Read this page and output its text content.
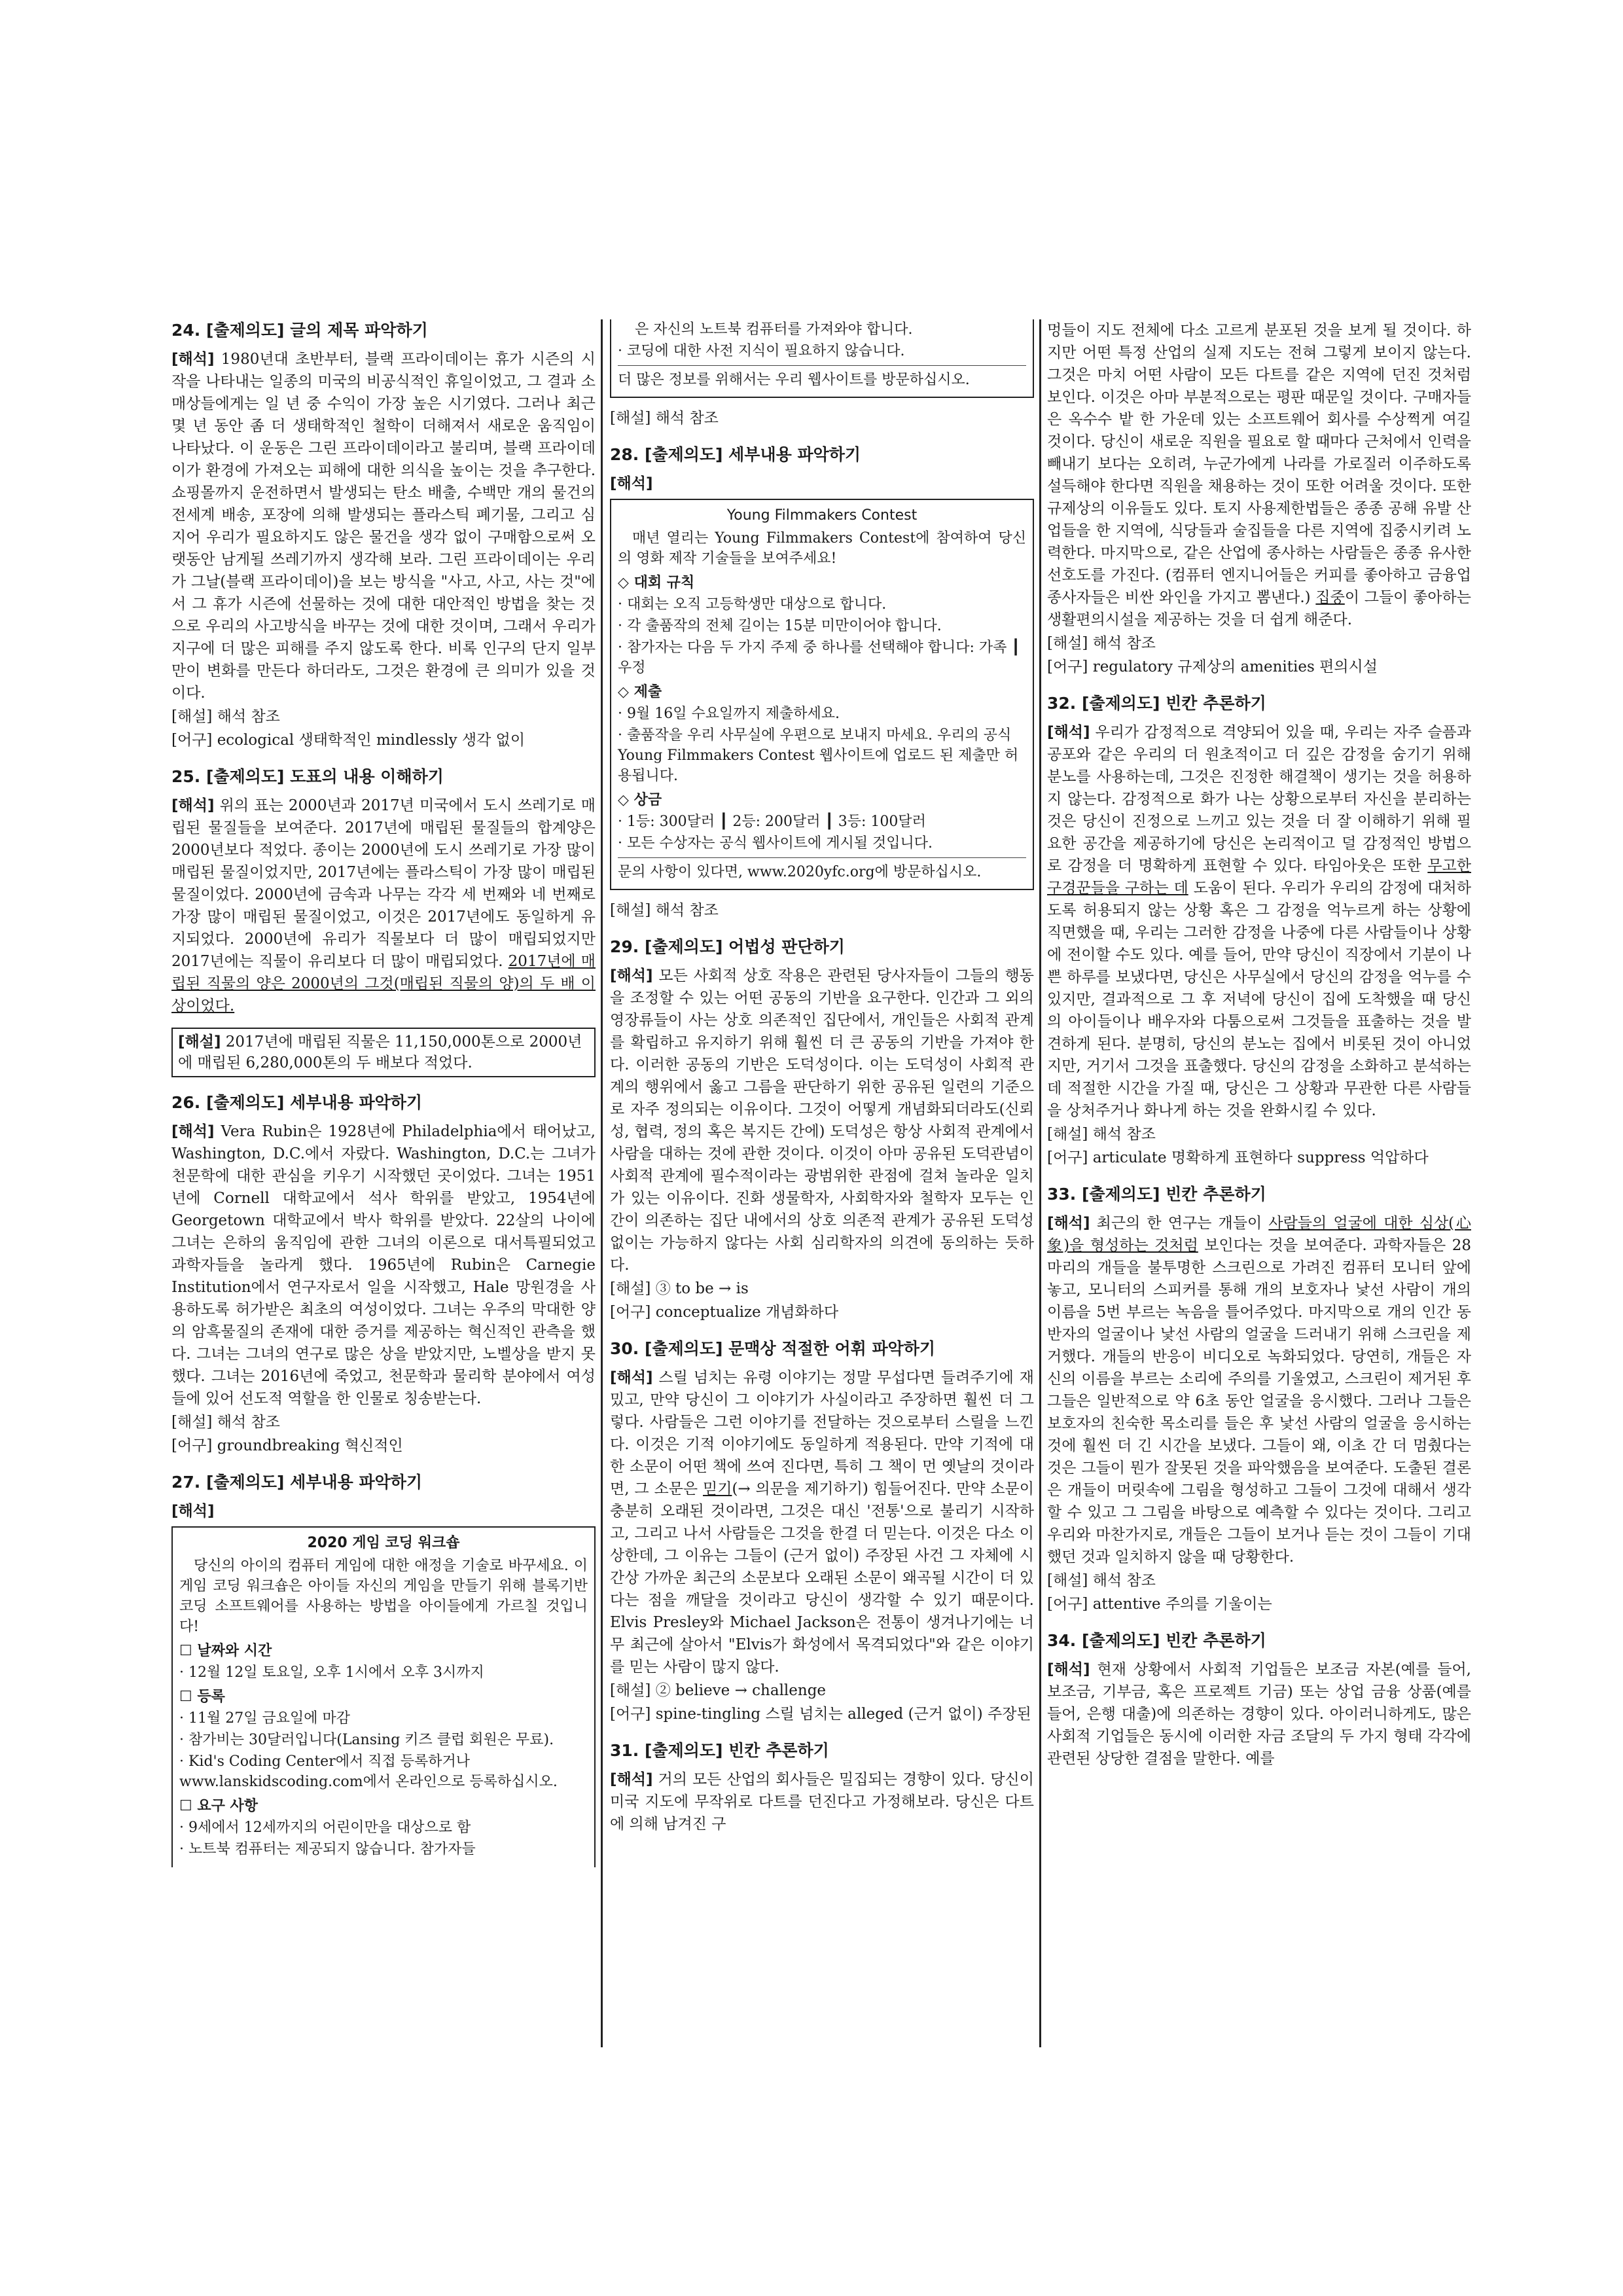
24. [출제의도] 글의 제목 파악하기
[해석] 1980년대 초반부터, 블랙 프라이데이는 휴가 시즌의 시작을 나타내는 일종의 미국의 비공식적인 휴일이었고, 그 결과 소매상들에게는 일 년 중 수익이 가장 높은 시기였다. 그러나 최근 몇 년 동안 좀 더 생태학적인 철학이 더해져서 새로운 움직임이 나타났다. 이 운동은 그린 프라이데이라고 불리며, 블랙 프라이데이가 환경에 가져오는 피해에 대한 의식을 높이는 것을 추구한다. 쇼핑몰까지 운전하면서 발생되는 탄소 배출, 수백만 개의 물건의 전세계 배송, 포장에 의해 발생되는 플라스틱 폐기물, 그리고 심지어 우리가 필요하지도 않은 물건을 생각 없이 구매함으로써 오랫동안 남게될 쓰레기까지 생각해 보라. 그린 프라이데이는 우리가 그날(블랙 프라이데이)을 보는 방식을 "사고, 사고, 사는 것"에서 그 휴가 시즌에 선물하는 것에 대한 대안적인 방법을 찾는 것으로 우리의 사고방식을 바꾸는 것에 대한 것이며, 그래서 우리가 지구에 더 많은 피해를 주지 않도록 한다. 비록 인구의 단지 일부만이 변화를 만든다 하더라도, 그것은 환경에 큰 의미가 있을 것이다.
[해설] 해석 참조
[어구] ecological 생태학적인 mindlessly 생각 없이
25. [출제의도] 도표의 내용 이해하기
[해석] 위의 표는 2000년과 2017년 미국에서 도시 쓰레기로 매립된 물질들을 보여준다. 2017년에 매립된 물질들의 합계양은 2000년보다 적었다. 종이는 2000년에 도시 쓰레기로 가장 많이 매립된 물질이었지만, 2017년에는 플라스틱이 가장 많이 매립된 물질이었다. 2000년에 금속과 나무는 각각 세 번째와 네 번째로 가장 많이 매립된 물질이었고, 이것은 2017년에도 동일하게 유지되었다. 2000년에 유리가 직물보다 더 많이 매립되었지만 2017년에는 직물이 유리보다 더 많이 매립되었다. 2017년에 매립된 직물의 양은 2000년의 그것(매립된 직물의 양)의 두 배 이상이었다.
[해설] 2017년에 매립된 직물은 11,150,000톤으로 2000년에 매립된 6,280,000톤의 두 배보다 적었다.
26. [출제의도] 세부내용 파악하기
[해석] Vera Rubin은 1928년에 Philadelphia에서 태어났고, Washington, D.C.에서 자랐다. Washington, D.C.는 그녀가 천문학에 대한 관심을 키우기 시작했던 곳이었다. 그녀는 1951년에 Cornell 대학교에서 석사 학위를 받았고, 1954년에 Georgetown 대학교에서 박사 학위를 받았다. 22살의 나이에 그녀는 은하의 움직임에 관한 그녀의 이론으로 대서특필되었고 과학자들을 놀라게 했다. 1965년에 Rubin은 Carnegie Institution에서 연구자로서 일을 시작했고, Hale 망원경을 사용하도록 허가받은 최초의 여성이었다. 그녀는 우주의 막대한 양의 암흑물질의 존재에 대한 증거를 제공하는 혁신적인 관측을 했다. 그녀는 그녀의 연구로 많은 상을 받았지만, 노벨상을 받지 못했다. 그녀는 2016년에 죽었고, 천문학과 물리학 분야에서 여성들에 있어 선도적 역할을 한 인물로 칭송받는다.
[해설] 해석 참조
[어구] groundbreaking 혁신적인
27. [출제의도] 세부내용 파악하기
[해석]
2020 게임 코딩 워크숍
당신의 아이의 컴퓨터 게임에 대한 애정을 기술로 바꾸세요. 이 게임 코딩 워크숍은 아이들 자신의 게임을 만들기 위해 블록기반 코딩 소프트웨어를 사용하는 방법을 아이들에게 가르칠 것입니다!
☐ 날짜와 시간
· 12월 12일 토요일, 오후 1시에서 오후 3시까지
☐ 등록
· 11월 27일 금요일에 마감
· 참가비는 30달러입니다(Lansing 키즈 클럽 회원은 무료).
· Kid's Coding Center에서 직접 등록하거나 www.lanskidscoding.com에서 온라인으로 등록하십시오.
☐ 요구 사항
· 9세에서 12세까지의 어린이만을 대상으로 함
· 노트북 컴퓨터는 제공되지 않습니다. 참가자들
은 자신의 노트북 컴퓨터를 가져와야 합니다.
· 코딩에 대한 사전 지식이 필요하지 않습니다.
더 많은 정보를 위해서는 우리 웹사이트를 방문하십시오.
[해설] 해석 참조
28. [출제의도] 세부내용 파악하기
[해석]
Young Filmmakers Contest
매년 열리는 Young Filmmakers Contest에 참여하여 당신의 영화 제작 기술들을 보여주세요!
◇ 대회 규칙
· 대회는 오직 고등학생만 대상으로 합니다.
· 각 출품작의 전체 길이는 15분 미만이어야 합니다.
· 참가자는 다음 두 가지 주제 중 하나를 선택해야 합니다: 가족 ┃ 우정
◇ 제출
· 9월 16일 수요일까지 제출하세요.
· 출품작을 우리 사무실에 우편으로 보내지 마세요. 우리의 공식 Young Filmmakers Contest 웹사이트에 업로드 된 제출만 허용됩니다.
◇ 상금
· 1등: 300달러 ┃ 2등: 200달러 ┃ 3등: 100달러
· 모든 수상자는 공식 웹사이트에 게시될 것입니다.
문의 사항이 있다면, www.2020yfc.org에 방문하십시오.
[해설] 해석 참조
29. [출제의도] 어법성 판단하기
[해석] 모든 사회적 상호 작용은 관련된 당사자들이 그들의 행동을 조정할 수 있는 어떤 공동의 기반을 요구한다. 인간과 그 외의 영장류들이 사는 상호 의존적인 집단에서, 개인들은 사회적 관계를 확립하고 유지하기 위해 훨씬 더 큰 공동의 기반을 가져야 한다. 이러한 공동의 기반은 도덕성이다. 이는 도덕성이 사회적 관계의 행위에서 옳고 그름을 판단하기 위한 공유된 일련의 기준으로 자주 정의되는 이유이다. 그것이 어떻게 개념화되더라도(신뢰성, 협력, 정의 혹은 복지든 간에) 도덕성은 항상 사회적 관계에서 사람을 대하는 것에 관한 것이다. 이것이 아마 공유된 도덕관념이 사회적 관계에 필수적이라는 광범위한 관점에 걸쳐 놀라운 일치가 있는 이유이다. 진화 생물학자, 사회학자와 철학자 모두는 인간이 의존하는 집단 내에서의 상호 의존적 관계가 공유된 도덕성 없이는 가능하지 않다는 사회 심리학자의 의견에 동의하는 듯하다.
[해설] ③ to be → is
[어구] conceptualize 개념화하다
30. [출제의도] 문맥상 적절한 어휘 파악하기
[해석] 스릴 넘치는 유령 이야기는 정말 무섭다면 들려주기에 재밌고, 만약 당신이 그 이야기가 사실이라고 주장하면 훨씬 더 그렇다. 사람들은 그런 이야기를 전달하는 것으로부터 스릴을 느낀다. 이것은 기적 이야기에도 동일하게 적용된다. 만약 기적에 대한 소문이 어떤 책에 쓰여 진다면, 특히 그 책이 먼 옛날의 것이라면, 그 소문은 믿기(→ 의문을 제기하기) 힘들어진다. 만약 소문이 충분히 오래된 것이라면, 그것은 대신 '전통'으로 불리기 시작하고, 그리고 나서 사람들은 그것을 한결 더 믿는다. 이것은 다소 이상한데, 그 이유는 그들이 (근거 없이) 주장된 사건 그 자체에 시간상 가까운 최근의 소문보다 오래된 소문이 왜곡될 시간이 더 있다는 점을 깨달을 것이라고 당신이 생각할 수 있기 때문이다. Elvis Presley와 Michael Jackson은 전통이 생겨나기에는 너무 최근에 살아서 "Elvis가 화성에서 목격되었다"와 같은 이야기를 믿는 사람이 많지 않다.
[해설] ② believe → challenge
[어구] spine-tingling 스릴 넘치는 alleged (근거 없이) 주장된
31. [출제의도] 빈칸 추론하기
[해석] 거의 모든 산업의 회사들은 밀집되는 경향이 있다. 당신이 미국 지도에 무작위로 다트를 던진다고 가정해보라. 당신은 다트에 의해 남겨진 구
멍들이 지도 전체에 다소 고르게 분포된 것을 보게 될 것이다. 하지만 어떤 특정 산업의 실제 지도는 전혀 그렇게 보이지 않는다. 그것은 마치 어떤 사람이 모든 다트를 같은 지역에 던진 것처럼 보인다. 이것은 아마 부분적으로는 평판 때문일 것이다. 구매자들은 옥수수 밭 한 가운데 있는 소프트웨어 회사를 수상쩍게 여길 것이다. 당신이 새로운 직원을 필요로 할 때마다 근처에서 인력을 빼내기 보다는 오히려, 누군가에게 나라를 가로질러 이주하도록 설득해야 한다면 직원을 채용하는 것이 또한 어려울 것이다. 또한 규제상의 이유들도 있다. 토지 사용제한법들은 종종 공해 유발 산업들을 한 지역에, 식당들과 술집들을 다른 지역에 집중시키려 노력한다. 마지막으로, 같은 산업에 종사하는 사람들은 종종 유사한 선호도를 가진다. (컴퓨터 엔지니어들은 커피를 좋아하고 금융업 종사자들은 비싼 와인을 가지고 뽐낸다.) 집중이 그들이 좋아하는 생활편의시설을 제공하는 것을 더 쉽게 해준다.
[해설] 해석 참조
[어구] regulatory 규제상의 amenities 편의시설
32. [출제의도] 빈칸 추론하기
[해석] 우리가 감정적으로 격양되어 있을 때, 우리는 자주 슬픔과 공포와 같은 우리의 더 원초적이고 더 깊은 감정을 숨기기 위해 분노를 사용하는데, 그것은 진정한 해결책이 생기는 것을 허용하지 않는다. 감정적으로 화가 나는 상황으로부터 자신을 분리하는 것은 당신이 진정으로 느끼고 있는 것을 더 잘 이해하기 위해 필요한 공간을 제공하기에 당신은 논리적이고 덜 감정적인 방법으로 감정을 더 명확하게 표현할 수 있다. 타임아웃은 또한 무고한 구경꾼들을 구하는 데 도움이 된다. 우리가 우리의 감정에 대처하도록 허용되지 않는 상황 혹은 그 감정을 억누르게 하는 상황에 직면했을 때, 우리는 그러한 감정을 나중에 다른 사람들이나 상황에 전이할 수도 있다. 예를 들어, 만약 당신이 직장에서 기분이 나쁜 하루를 보냈다면, 당신은 사무실에서 당신의 감정을 억누를 수 있지만, 결과적으로 그 후 저녁에 당신이 집에 도착했을 때 당신의 아이들이나 배우자와 다툼으로써 그것들을 표출하는 것을 발견하게 된다. 분명히, 당신의 분노는 집에서 비롯된 것이 아니었지만, 거기서 그것을 표출했다. 당신의 감정을 소화하고 분석하는 데 적절한 시간을 가질 때, 당신은 그 상황과 무관한 다른 사람들을 상처주거나 화나게 하는 것을 완화시킬 수 있다.
[해설] 해석 참조
[어구] articulate 명확하게 표현하다 suppress 억압하다
33. [출제의도] 빈칸 추론하기
[해석] 최근의 한 연구는 개들이 사람들의 얼굴에 대한 심상(心象)을 형성하는 것처럼 보인다는 것을 보여준다. 과학자들은 28마리의 개들을 불투명한 스크린으로 가려진 컴퓨터 모니터 앞에 놓고, 모니터의 스피커를 통해 개의 보호자나 낯선 사람이 개의 이름을 5번 부르는 녹음을 틀어주었다. 마지막으로 개의 인간 동반자의 얼굴이나 낯선 사람의 얼굴을 드러내기 위해 스크린을 제거했다. 개들의 반응이 비디오로 녹화되었다. 당연히, 개들은 자신의 이름을 부르는 소리에 주의를 기울였고, 스크린이 제거된 후 그들은 일반적으로 약 6초 동안 얼굴을 응시했다. 그러나 그들은 보호자의 친숙한 목소리를 들은 후 낯선 사람의 얼굴을 응시하는 것에 훨씬 더 긴 시간을 보냈다. 그들이 왜, 이초 간 더 멈췄다는 것은 그들이 뭔가 잘못된 것을 파악했음을 보여준다. 도출된 결론은 개들이 머릿속에 그림을 형성하고 그들이 그것에 대해서 생각할 수 있고 그 그림을 바탕으로 예측할 수 있다는 것이다. 그리고 우리와 마찬가지로, 개들은 그들이 보거나 듣는 것이 그들이 기대했던 것과 일치하지 않을 때 당황한다.
[해설] 해석 참조
[어구] attentive 주의를 기울이는
34. [출제의도] 빈칸 추론하기
[해석] 현재 상황에서 사회적 기업들은 보조금 자본(예를 들어, 보조금, 기부금, 혹은 프로젝트 기금) 또는 상업 금융 상품(예를 들어, 은행 대출)에 의존하는 경향이 있다. 아이러니하게도, 많은 사회적 기업들은 동시에 이러한 자금 조달의 두 가지 형태 각각에 관련된 상당한 결점을 말한다. 예를
